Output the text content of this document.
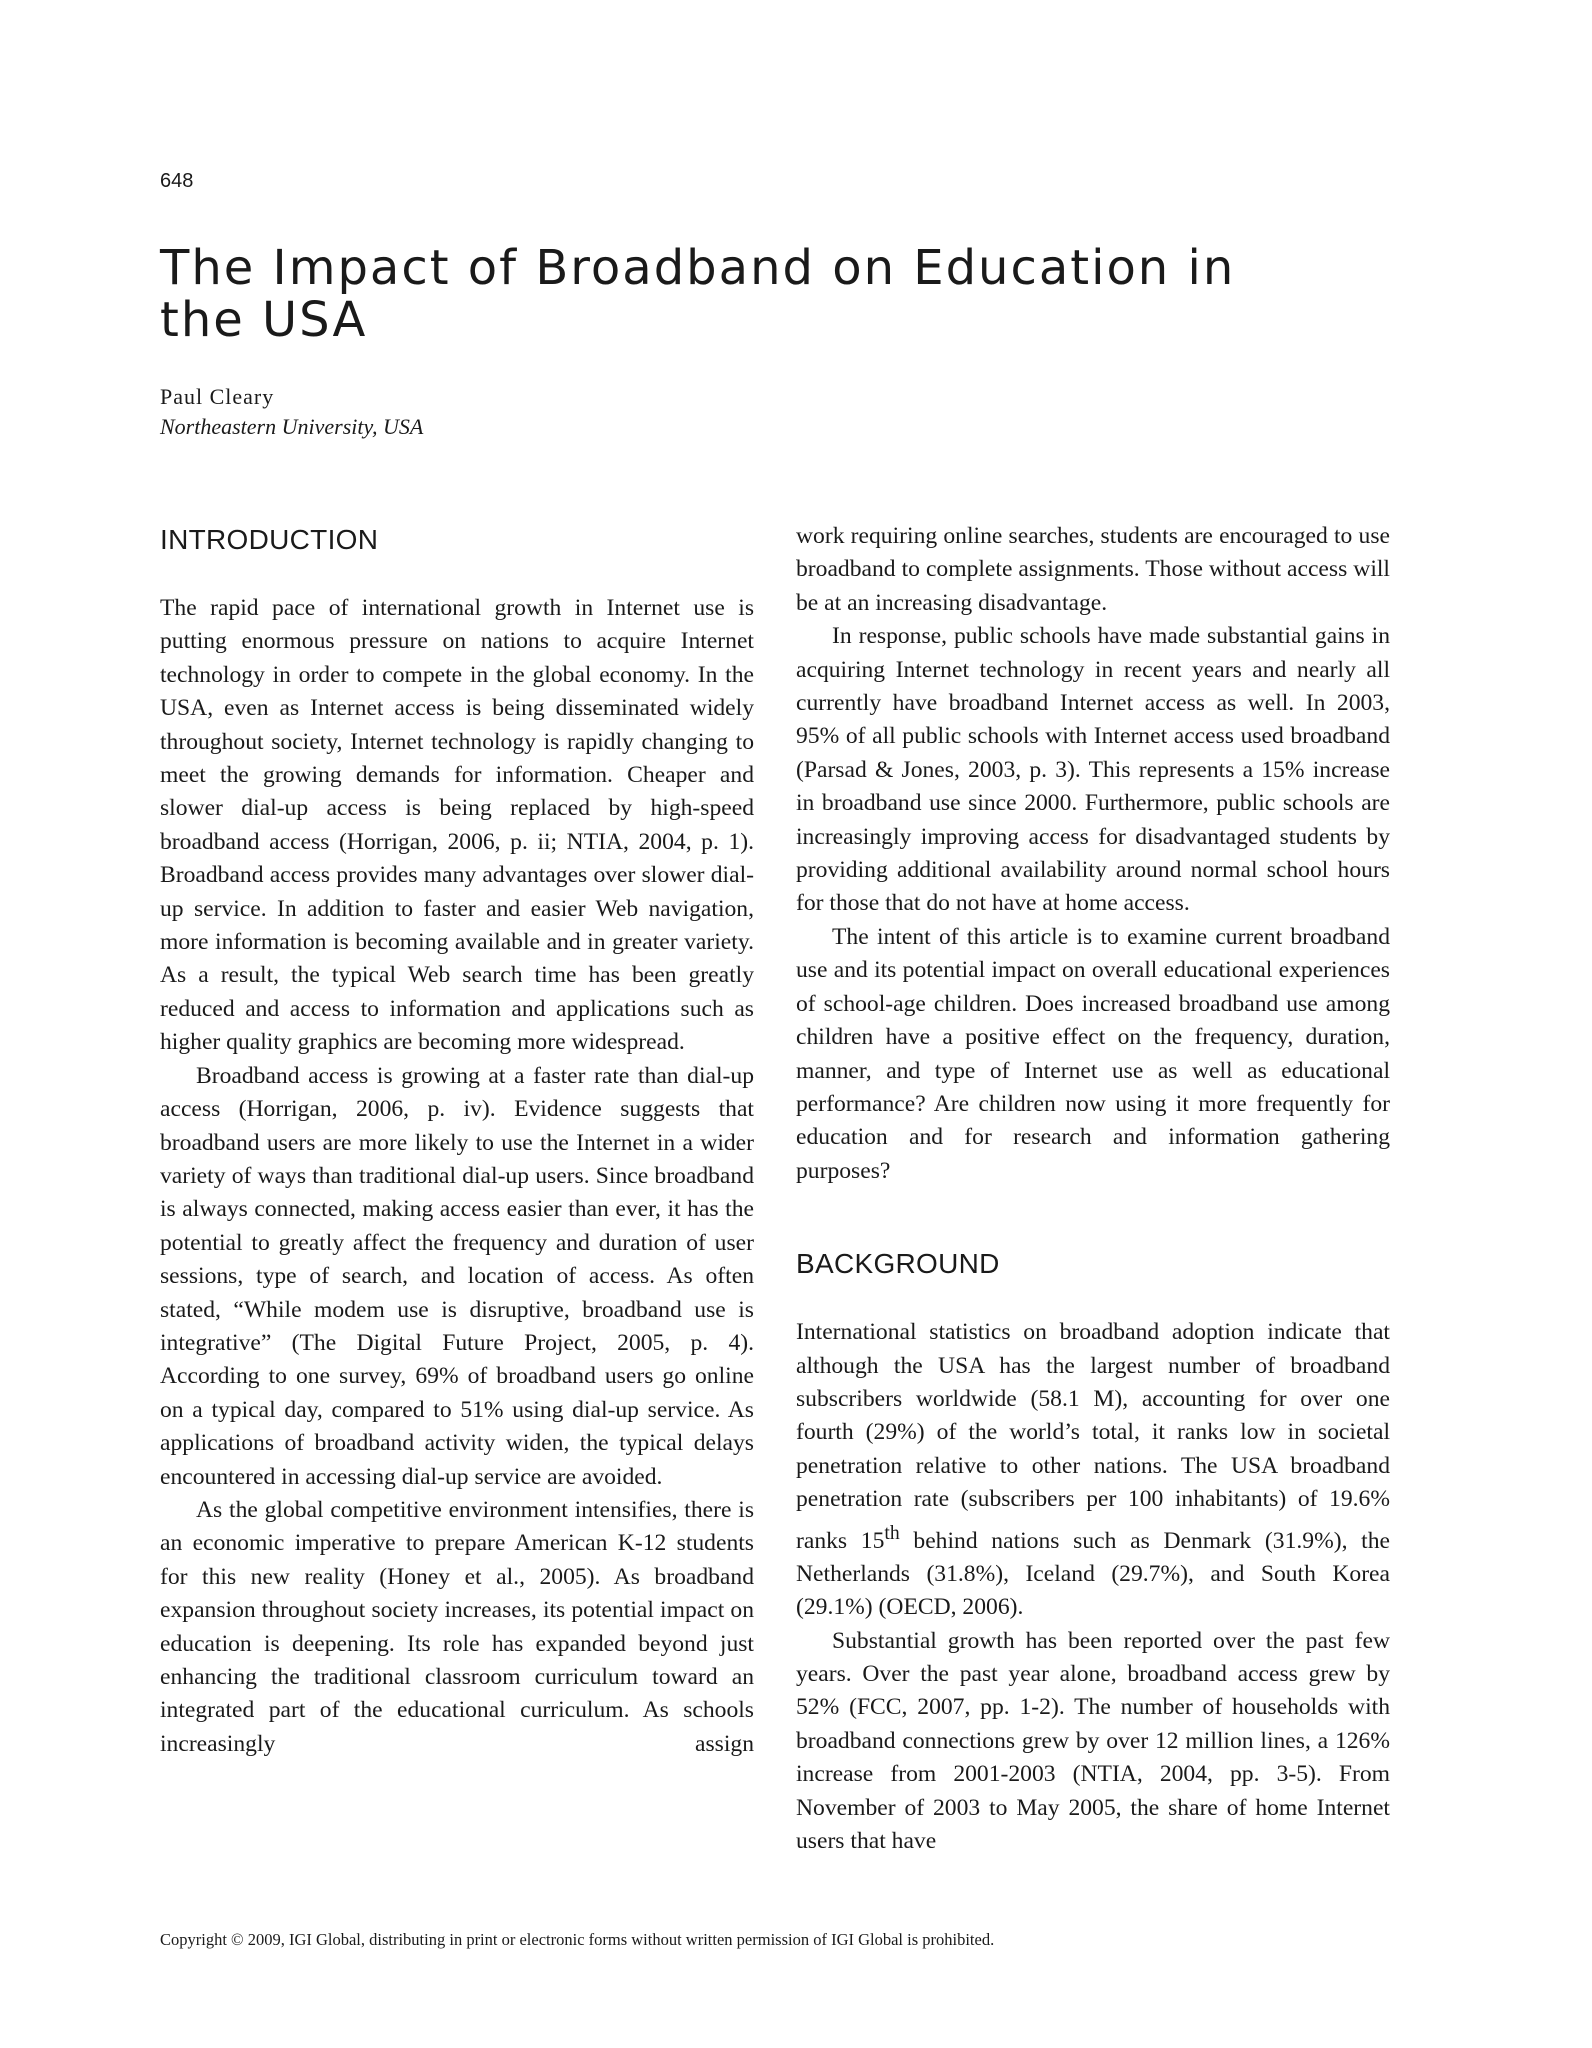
648
The Impact of Broadband on Education in the USA
Paul Cleary
Northeastern University, USA
INTRODUCTION

The rapid pace of international growth in Internet use is putting enormous pressure on nations to acquire Internet technology in order to compete in the global economy. In the USA, even as Internet access is being disseminated widely throughout society, Internet technology is rapidly changing to meet the growing demands for information. Cheaper and slower dial-up access is being replaced by high-speed broadband access (Horrigan, 2006, p. ii; NTIA, 2004, p. 1). Broadband access provides many advantages over slower dial-up service. In addition to faster and easier Web navigation, more information is becoming available and in greater variety. As a result, the typical Web search time has been greatly reduced and access to information and applications such as higher quality graphics are becoming more widespread.

Broadband access is growing at a faster rate than dial-up access (Horrigan, 2006, p. iv). Evidence suggests that broadband users are more likely to use the Internet in a wider variety of ways than traditional dial-up users. Since broadband is always connected, making access easier than ever, it has the potential to greatly affect the frequency and duration of user sessions, type of search, and location of access. As often stated, “While modem use is disruptive, broadband use is integrative” (The Digital Future Project, 2005, p. 4). According to one survey, 69% of broadband users go online on a typical day, compared to 51% using dial-up service. As applications of broadband activity widen, the typical delays encountered in accessing dial-up service are avoided.

As the global competitive environment intensifies, there is an economic imperative to prepare American K-12 students for this new reality (Honey et al., 2005). As broadband expansion throughout society increases, its potential impact on education is deepening. Its role has expanded beyond just enhancing the traditional classroom curriculum toward an integrated part of the educational curriculum. As schools increasingly assign

work requiring online searches, students are encouraged to use broadband to complete assignments. Those without access will be at an increasing disadvantage.

In response, public schools have made substantial gains in acquiring Internet technology in recent years and nearly all currently have broadband Internet access as well. In 2003, 95% of all public schools with Internet access used broadband (Parsad & Jones, 2003, p. 3). This represents a 15% increase in broadband use since 2000. Furthermore, public schools are increasingly improving access for disadvantaged students by providing additional availability around normal school hours for those that do not have at home access.

The intent of this article is to examine current broadband use and its potential impact on overall educational experiences of school-age children. Does increased broadband use among children have a positive effect on the frequency, duration, manner, and type of Internet use as well as educational performance? Are children now using it more frequently for education and for research and information gathering purposes?

BACKGROUND

International statistics on broadband adoption indicate that although the USA has the largest number of broadband subscribers worldwide (58.1 M), accounting for over one fourth (29%) of the world’s total, it ranks low in societal penetration relative to other nations. The USA broadband penetration rate (subscribers per 100 inhabitants) of 19.6% ranks 15th behind nations such as Denmark (31.9%), the Netherlands (31.8%), Iceland (29.7%), and South Korea (29.1%) (OECD, 2006).

Substantial growth has been reported over the past few years. Over the past year alone, broadband access grew by 52% (FCC, 2007, pp. 1-2). The number of households with broadband connections grew by over 12 million lines, a 126% increase from 2001-2003 (NTIA, 2004, pp. 3-5). From November of 2003 to May 2005, the share of home Internet users that have

Copyright © 2009, IGI Global, distributing in print or electronic forms without written permission of IGI Global is prohibited.
